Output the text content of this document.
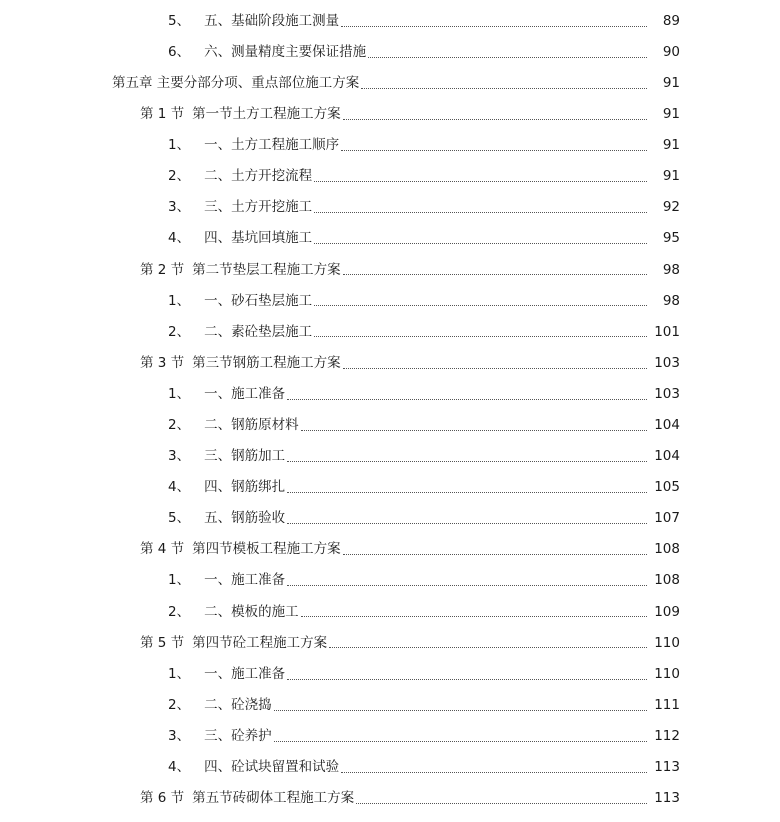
5、 五、基础阶段施工测量	89
6、 六、测量精度主要保证措施	90
第五章 主要分部分项、重点部位施工方案	91
第 1 节 第一节土方工程施工方案	91
1、 一、土方工程施工顺序	91
2、 二、土方开挖流程	91
3、 三、土方开挖施工	92
4、 四、基坑回填施工	95
第 2 节 第二节垫层工程施工方案	98
1、 一、砂石垫层施工	98
2、 二、素砼垫层施工	101
第 3 节 第三节钢筋工程施工方案	103
1、 一、施工准备	103
2、 二、钢筋原材料	104
3、 三、钢筋加工	104
4、 四、钢筋绑扎	105
5、 五、钢筋验收	107
第 4 节 第四节模板工程施工方案	108
1、 一、施工准备	108
2、 二、模板的施工	109
第 5 节 第四节砼工程施工方案	110
1、 一、施工准备	110
2、 二、砼浇捣	111
3、 三、砼养护	112
4、 四、砼试块留置和试验	113
第 6 节 第五节砖砌体工程施工方案	113
